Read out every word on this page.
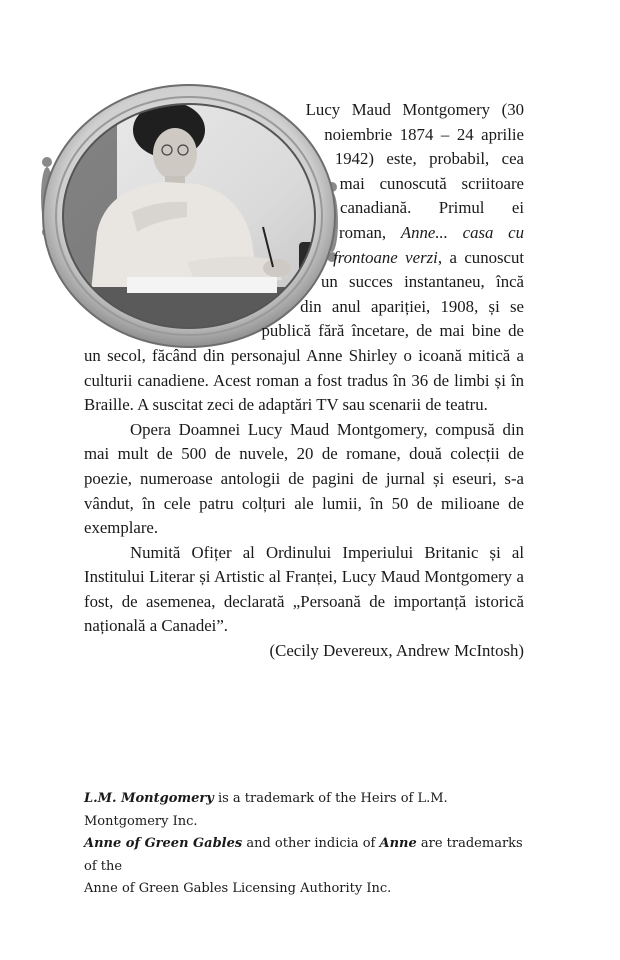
Lucy Maud Montgomery (30 noiembrie 1874 – 24 aprilie 1942) este, probabil, cea mai cunoscută scriitoare canadiană. Primul ei roman, Anne... casa cu frontoane verzi, a cunoscut un succes instantaneu, încă din anul apariției, 1908, și se publică fără încetare, de mai bine de un secol, făcând din personajul Anne Shirley o icoană mitică a culturii canadiene. Acest roman a fost tradus în 36 de limbi și în Braille. A suscitat zeci de adaptări TV sau scenarii de teatru.

Opera Doamnei Lucy Maud Montgomery, compusă din mai mult de 500 de nuvele, 20 de romane, două colecții de poezie, numeroase antologii de pagini de jurnal și eseuri, s-a vândut, în cele patru colțuri ale lumii, în 50 de milioane de exemplare.

Numită Ofițer al Ordinului Imperiului Britanic și al Institului Literar și Artistic al Franței, Lucy Maud Montgomery a fost, de asemenea, declarată „Persoană de importanță istorică națională a Canadei”.

(Cecily Devereux, Andrew McIntosh)

L.M. Montgomery is a trademark of the Heirs of L.M. Montgomery Inc.

Anne of Green Gables and other indicia of Anne are trademarks of the

Anne of Green Gables Licensing Authority Inc.
